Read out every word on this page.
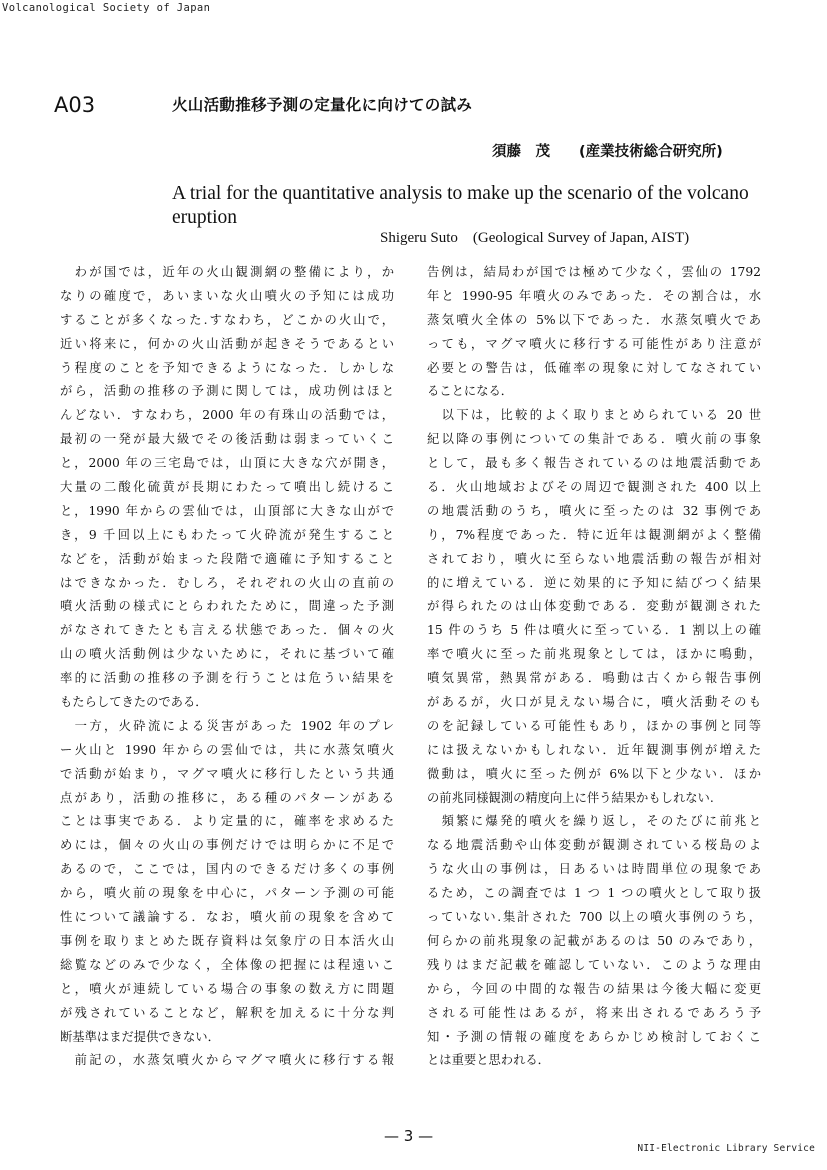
Volcanological Society of Japan
A03	火山活動推移予測の定量化に向けての試み
須藤　茂　　(産業技術総合研究所)
A trial for the quantitative analysis to make up the scenario of the volcano eruption
Shigeru Suto　(Geological Survey of Japan, AIST)
　わが国では，近年の火山観測網の整備により，か
なりの確度で，あいまいな火山噴火の予知には成功
することが多くなった.すなわち，どこかの火山で，
近い将来に，何かの火山活動が起きそうであるとい
う程度のことを予知できるようになった．しかしな
がら，活動の推移の予測に関しては，成功例はほと
んどない．すなわち，2000 年の有珠山の活動では，
最初の一発が最大級でその後活動は弱まっていくこ
と，2000 年の三宅島では，山頂に大きな穴が開き，
大量の二酸化硫黄が長期にわたって噴出し続けるこ
と，1990 年からの雲仙では，山頂部に大きな山がで
き，9 千回以上にもわたって火砕流が発生すること
などを，活動が始まった段階で適確に予知すること
はできなかった．むしろ，それぞれの火山の直前の
噴火活動の様式にとらわれたために，間違った予測
がなされてきたとも言える状態であった．個々の火
山の噴火活動例は少ないために，それに基づいて確
率的に活動の推移の予測を行うことは危うい結果を
もたらしてきたのである．
　一方，火砕流による災害があった 1902 年のプレ
ー火山と 1990 年からの雲仙では，共に水蒸気噴火
で活動が始まり，マグマ噴火に移行したという共通
点があり，活動の推移に，ある種のパターンがある
ことは事実である．より定量的に，確率を求めるた
めには，個々の火山の事例だけでは明らかに不足で
あるので，ここでは，国内のできるだけ多くの事例
から，噴火前の現象を中心に，パターン予測の可能
性について議論する．なお，噴火前の現象を含めて
事例を取りまとめた既存資料は気象庁の日本活火山
総覧などのみで少なく，全体像の把握には程遠いこ
と，噴火が連続している場合の事象の数え方に問題
が残されていることなど，解釈を加えるに十分な判
断基準はまだ提供できない．
　前記の，水蒸気噴火からマグマ噴火に移行する報
告例は，結局わが国では極めて少なく，雲仙の 1792
年と 1990-95 年噴火のみであった．その割合は，水
蒸気噴火全体の 5%以下であった．水蒸気噴火であ
っても，マグマ噴火に移行する可能性があり注意が
必要との警告は，低確率の現象に対してなされてい
ることになる．
　以下は，比較的よく取りまとめられている 20 世
紀以降の事例についての集計である．噴火前の事象
として，最も多く報告されているのは地震活動であ
る．火山地域およびその周辺で観測された 400 以上
の地震活動のうち，噴火に至ったのは 32 事例であ
り，7%程度であった．特に近年は観測網がよく整備
されており，噴火に至らない地震活動の報告が相対
的に増えている．逆に効果的に予知に結びつく結果
が得られたのは山体変動である．変動が観測された
15 件のうち 5 件は噴火に至っている．1 割以上の確
率で噴火に至った前兆現象としては，ほかに鳴動，
噴気異常，熱異常がある．鳴動は古くから報告事例
があるが，火口が見えない場合に，噴火活動そのも
のを記録している可能性もあり，ほかの事例と同等
には扱えないかもしれない．近年観測事例が増えた
微動は，噴火に至った例が 6%以下と少ない．ほか
の前兆同様観測の精度向上に伴う結果かもしれない.
　頻繁に爆発的噴火を繰り返し，そのたびに前兆と
なる地震活動や山体変動が観測されている桜島のよ
うな火山の事例は，日あるいは時間単位の現象であ
るため，この調査では 1 つ 1 つの噴火として取り扱
っていない.集計された 700 以上の噴火事例のうち，
何らかの前兆現象の記載があるのは 50 のみであり，
残りはまだ記載を確認していない．このような理由
から，今回の中間的な報告の結果は今後大幅に変更
される可能性はあるが，将来出されるであろう予
知・予測の情報の確度をあらかじめ検討しておくこ
とは重要と思われる．
— 3 —
NII-Electronic Library Service
